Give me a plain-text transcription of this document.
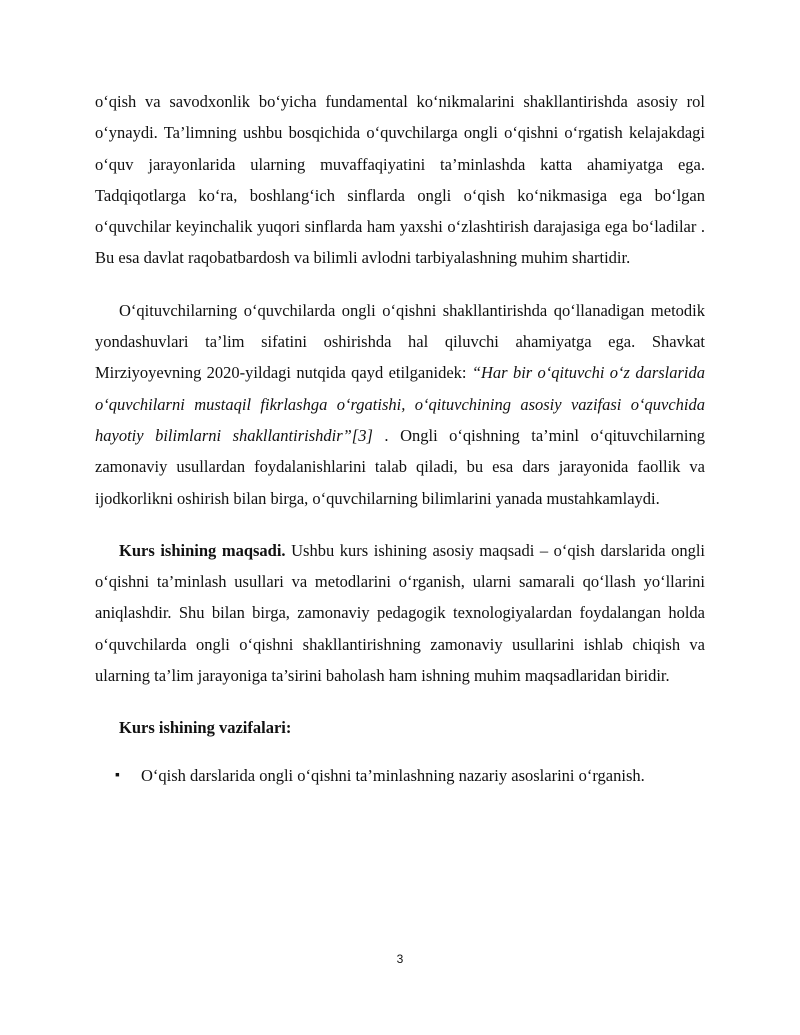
o‘qish va savodxonlik bo‘yicha fundamental ko‘nikmalarini shakllantirishda asosiy rol o‘ynaydi. Ta’limning ushbu bosqichida o‘quvchilarga ongli o‘qishni o‘rgatish kelajakdagi o‘quv jarayonlarida ularning muvaffaqiyatini ta’minlashda katta ahamiyatga ega. Tadqiqotlarga ko‘ra, boshlang‘ich sinflarda ongli o‘qish ko‘nikmasiga ega bo‘lgan o‘quvchilar keyinchalik yuqori sinflarda ham yaxshi o‘zlashtirish darajasiga ega bo‘ladilar . Bu esa davlat raqobatbardosh va bilimli avlodni tarbiyalashning muhim shartidir.

O‘qituvchilarning o‘quvchilarda ongli o‘qishni shakllantirishda qo‘llanadigan metodik yondashuvlari ta’lim sifatini oshirishda hal qiluvchi ahamiyatga ega. Shavkat Mirziyoyevning 2020-yildagi nutqida qayd etilganidek: “Har bir o‘qituvchi o‘z darslarida o‘quvchilarni mustaqil fikrlashga o‘rgatishi, o‘qituvchining asosiy vazifasi o‘quvchida hayotiy bilimlarni shakllantirishdir”[3] . Ongli o‘qishning ta’minl o‘qituvchilarning zamonaviy usullardan foydalanishlarini talab qiladi, bu esa dars jarayonida faollik va ijodkorlikni oshirish bilan birga, o‘quvchilarning bilimlarini yanada mustahkamlaydi.

Kurs ishining maqsadi. Ushbu kurs ishining asosiy maqsadi – o‘qish darslarida ongli o‘qishni ta’minlash usullari va metodlarini o‘rganish, ularni samarali qo‘llash yo‘llarini aniqlashdir. Shu bilan birga, zamonaviy pedagogik texnologiyalardan foydalangan holda o‘quvchilarda ongli o‘qishni shakllantirishning zamonaviy usullarini ishlab chiqish va ularning ta’lim jarayoniga ta’sirini baholash ham ishning muhim maqsadlaridan biridir.

Kurs ishining vazifalari:
▪ O‘qish darslarida ongli o‘qishni ta’minlashning nazariy asoslarini o‘rganish.
3
